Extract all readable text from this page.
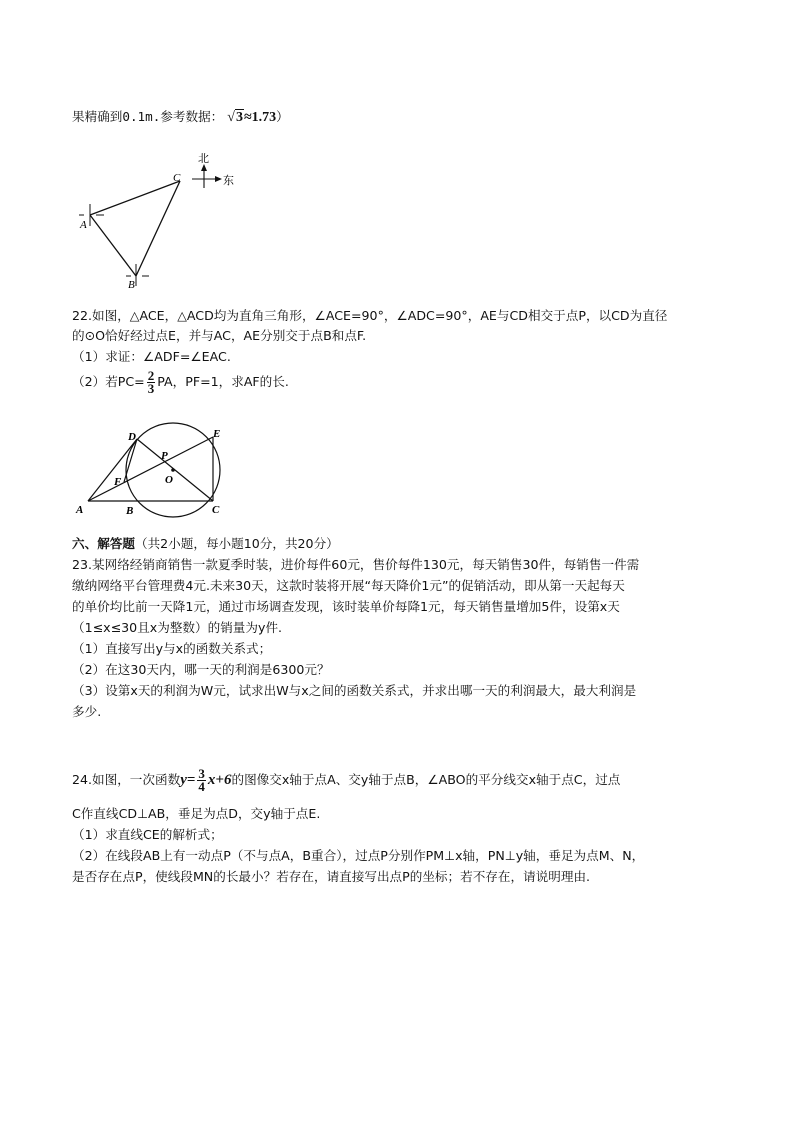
果精确到0.1m.参考数据： √3≈1.73）
C
A
B
北
东
22.如图，△ACE，△ACD均为直角三角形，∠ACE=90°，∠ADC=90°，AE与CD相交于点P，以CD为直径
的⊙O恰好经过点E，并与AC，AE分别交于点B和点F.
（1）求证：∠ADF=∠EAC.
（2）若$PC= \frac{2}{3}$ PA，PF=1，求AF的长.
D	E
P
O
F
A	B	C
六、解答题（共2小题，每小题10分，共20分）
23.某网络经销商销售一款夏季时装，进价每件60元，售价每件130元，每天销售30件，每销售一件需
缴纳网络平台管理费4元.未来30天，这款时装将开展“每天降价1元”的促销活动，即从第一天起每天
的单价均比前一天降1元，通过市场调查发现，该时装单价每降1元，每天销售量增加5件，设第x天
（1≤x≤30且x为整数）的销量为y件.
（1）直接写出y与x的函数关系式；
（2）在这30天内，哪一天的利润是6300元？
（3）设第x天的利润为W元，试求出W与x之间的函数关系式，并求出哪一天的利润最大，最大利润是
多少.
24.如图，一次函数$y= \frac{3}{4} x+6$的图像交x轴于点A、交y轴于点B，∠ABO的平分线交x轴于点C，过点
C作直线CD⊥AB，垂足为点D，交y轴于点E.
（1）求直线CE的解析式；
（2）在线段AB上有一动点P（不与点A，B重合），过点P分别作PM⊥x轴，PN⊥y轴，垂足为点M、N，
是否存在点P，使线段MN的长最小？若存在，请直接写出点P的坐标；若不存在，请说明理由.
